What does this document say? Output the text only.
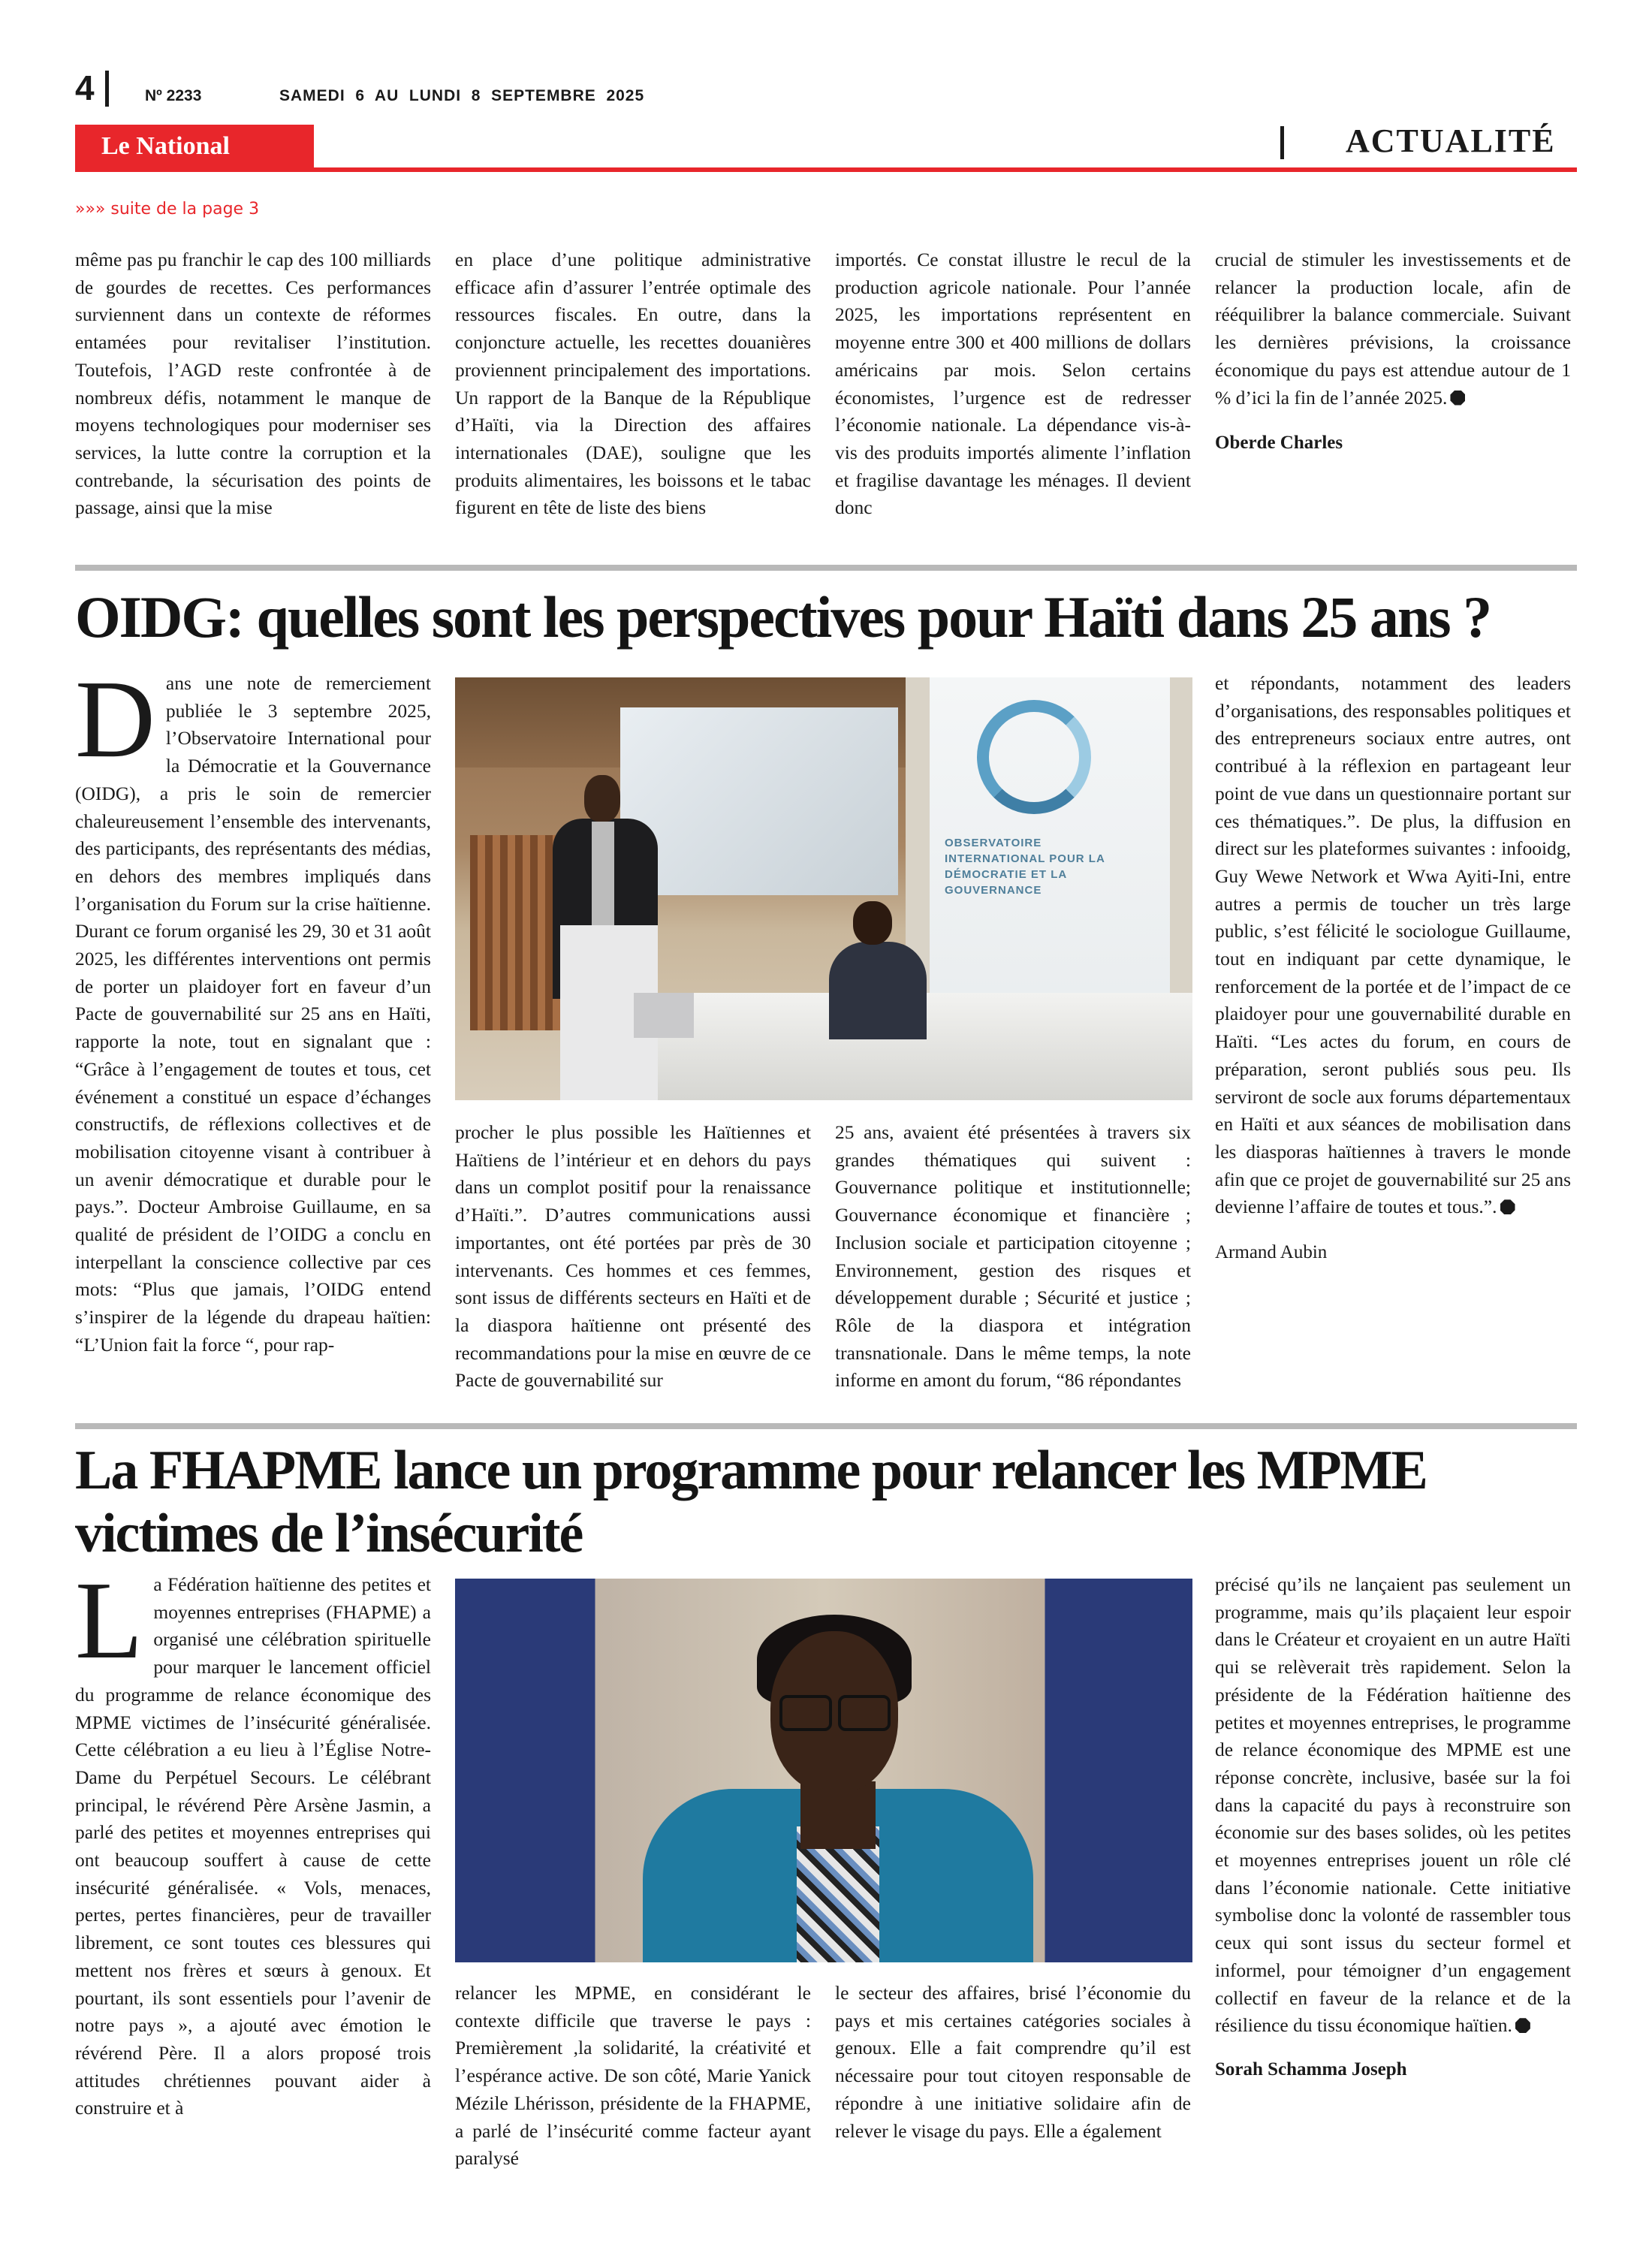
4	Nº 2233	SAMEDI  6  AU  LUNDI  8  SEPTEMBRE  2025
Le National	ACTUALITÉ
»»» suite de la page 3

même pas pu franchir le cap des 100 milliards de gourdes de recettes. Ces performances surviennent dans un contexte de réformes entamées pour revitaliser l’institution. Toutefois, l’AGD reste confrontée à de nombreux défis, notamment le manque de moyens technologiques pour moderniser ses services, la lutte contre la corruption et la contrebande, la sécurisation des points de passage, ainsi que la mise

en place d’une politique administrative efficace afin d’assurer l’entrée optimale des ressources fiscales. En outre, dans la conjoncture actuelle, les recettes douanières proviennent principalement des importations. Un rapport de la Banque de la République d’Haïti, via la Direction des affaires internationales (DAE), souligne que les produits alimentaires, les boissons et le tabac figurent en tête de liste des biens

importés. Ce constat illustre le recul de la production agricole nationale. Pour l’année 2025, les importations représentent en moyenne entre 300 et 400 millions de dollars américains par mois. Selon certains économistes, l’urgence est de redresser l’économie nationale. La dépendance vis-à-vis des produits importés alimente l’inflation et fragilise davantage les ménages. Il devient donc

crucial de stimuler les investissements et de relancer la production locale, afin de rééquilibrer la balance commerciale. Suivant les dernières prévisions, la croissance économique du pays est attendue autour de 1 % d’ici la fin de l’année 2025.

Oberde Charles

OIDG: quelles sont les perspectives pour Haïti dans 25 ans ?

Dans une note de remerciement publiée le 3 septembre 2025, l’Observatoire International pour la Démocratie et la Gouvernance (OIDG), a pris le soin de remercier chaleureusement l’ensemble des intervenants, des participants, des représentants des médias, en dehors des membres impliqués dans l’organisation du Forum sur la crise haïtienne. Durant ce forum organisé les 29, 30 et 31 août 2025, les différentes interventions ont permis de porter un plaidoyer fort en faveur d’un Pacte de gouvernabilité sur 25 ans en Haïti, rapporte la note, tout en signalant que : “Grâce à l’engagement de toutes et tous, cet événement a constitué un espace d’échanges constructifs, de réflexions collectives et de mobilisation citoyenne visant à contribuer à un avenir démocratique et durable pour le pays.”. Docteur Ambroise Guillaume, en sa qualité de président de l’OIDG a conclu en interpellant la conscience collective par ces mots: “Plus que jamais, l’OIDG entend s’inspirer de la légende du drapeau haïtien: “L’Union fait la force “, pour rap-

OBSERVATOIRE INTERNATIONAL POUR LA DÉMOCRATIE ET LA GOUVERNANCE

procher le plus possible les Haïtiennes et Haïtiens de l’intérieur et en dehors du pays dans un complot positif pour la renaissance d’Haïti.”. D’autres communications aussi importantes, ont été portées par près de 30 intervenants. Ces hommes et ces femmes, sont issus de différents secteurs en Haïti et de la diaspora haïtienne ont présenté des recommandations pour la mise en œuvre de ce Pacte de gouvernabilité sur

25 ans, avaient été présentées à travers six grandes thématiques qui suivent : Gouvernance politique et institutionnelle; Gouvernance économique et financière ; Inclusion sociale et participation citoyenne ; Environnement, gestion des risques et développement durable ; Sécurité et justice ; Rôle de la diaspora et intégration transnationale. Dans le même temps, la note informe en amont du forum, “86 répondantes

et répondants, notamment des leaders d’organisations, des responsables politiques et des entrepreneurs sociaux entre autres, ont contribué à la réflexion en partageant leur point de vue dans un questionnaire portant sur ces thématiques.”. De plus, la diffusion en direct sur les plateformes suivantes : infooidg, Guy Wewe Network et Wwa Ayiti-Ini, entre autres a permis de toucher un très large public, s’est félicité le sociologue Guillaume, tout en indiquant par cette dynamique, le renforcement de la portée et de l’impact de ce plaidoyer pour une gouvernabilité durable en Haïti. “Les actes du forum, en cours de préparation, seront publiés sous peu. Ils serviront de socle aux forums départementaux en Haïti et aux séances de mobilisation dans les diasporas haïtiennes à travers le monde afin que ce projet de gouvernabilité sur 25 ans devienne l’affaire de toutes et tous.”.

Armand Aubin

La FHAPME lance un programme pour relancer les MPME
victimes de l’insécurité

La Fédération haïtienne des petites et moyennes entreprises (FHAPME) a organisé une célébration spirituelle pour marquer le lancement officiel du programme de relance économique des MPME victimes de l’insécurité généralisée. Cette célébration a eu lieu à l’Église Notre-Dame du Perpétuel Secours. Le célébrant principal, le révérend Père Arsène Jasmin, a parlé des petites et moyennes entreprises qui ont beaucoup souffert à cause de cette insécurité généralisée. « Vols, menaces, pertes, pertes financières, peur de travailler librement, ce sont toutes ces blessures qui mettent nos frères et sœurs à genoux. Et pourtant, ils sont essentiels pour l’avenir de notre pays », a ajouté avec émotion le révérend Père. Il a alors proposé trois attitudes chrétiennes pouvant aider à construire et à

relancer les MPME, en considérant le contexte difficile que traverse le pays : Premièrement ,la solidarité, la créativité et l’espérance active. De son côté, Marie Yanick Mézile Lhérisson, présidente de la FHAPME, a parlé de l’insécurité comme facteur ayant paralysé

le secteur des affaires, brisé l’économie du pays et mis certaines catégories sociales à genoux. Elle a fait comprendre qu’il est nécessaire pour tout citoyen responsable de répondre à une initiative solidaire afin de relever le visage du pays. Elle a également

précisé qu’ils ne lançaient pas seulement un programme, mais qu’ils plaçaient leur espoir dans le Créateur et croyaient en un autre Haïti qui se relèverait très rapidement. Selon la présidente de la Fédération haïtienne des petites et moyennes entreprises, le programme de relance économique des MPME est une réponse concrète, inclusive, basée sur la foi dans la capacité du pays à reconstruire son économie sur des bases solides, où les petites et moyennes entreprises jouent un rôle clé dans l’économie nationale. Cette initiative symbolise donc la volonté de rassembler tous ceux qui sont issus du secteur formel et informel, pour témoigner d’un engagement collectif en faveur de la relance et de la résilience du tissu économique haïtien.

Sorah Schamma Joseph
